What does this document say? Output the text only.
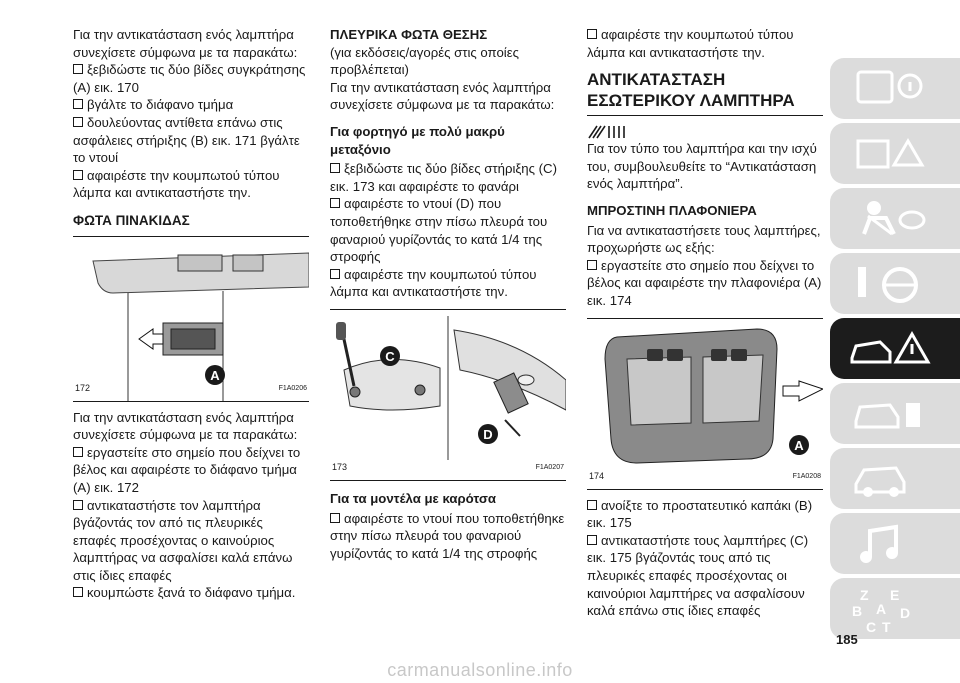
Για την αντικατάσταση ενός λαμπτήρα συνεχίσετε σύμφωνα με τα παρακάτω:

ξεβιδώστε τις δύο βίδες συγκράτησης (A) εικ. 170

βγάλτε το διάφανο τμήμα

δουλεύοντας αντίθετα επάνω στις ασφάλειες στήριξης (B) εικ. 171 βγάλτε το ντουί

αφαιρέστε την κουμπωτού τύπου λάμπα και αντικαταστήστε την.

ΦΩΤΑ ΠΙΝΑΚΙΔΑΣ
A
172	F1A0206

Για την αντικατάσταση ενός λαμπτήρα συνεχίσετε σύμφωνα με τα παρακάτω:

εργαστείτε στο σημείο που δείχνει το βέλος και αφαιρέστε το διάφανο τμήμα (A) εικ. 172

αντικαταστήστε τον λαμπτήρα βγάζοντάς τον από τις πλευρικές επαφές προσέχοντας ο καινούριος λαμπτήρας να ασφαλίσει καλά επάνω στις ίδιες επαφές

κουμπώστε ξανά το διάφανο τμήμα.

ΠΛΕΥΡΙΚΑ ΦΩΤΑ ΘΕΣΗΣ

(για εκδόσεις/αγορές στις οποίες προβλέπεται)

Για την αντικατάσταση ενός λαμπτήρα συνεχίσετε σύμφωνα με τα παρακάτω:

Για φορτηγό με πολύ μακρύ μεταξόνιο

ξεβιδώστε τις δύο βίδες στήριξης (C) εικ. 173 και αφαιρέστε το φανάρι

αφαιρέστε το ντουί (D) που τοποθετήθηκε στην πίσω πλευρά του φαναριού γυρίζοντάς το κατά 1/4 της στροφής

αφαιρέστε την κουμπωτού τύπου λάμπα και αντικαταστήστε την.

C
D
173	F1A0207

Για τα μοντέλα με καρότσα

αφαιρέστε το ντουί που τοποθετήθηκε στην πίσω πλευρά του φαναριού γυρίζοντάς το κατά 1/4 της στροφής

αφαιρέστε την κουμπωτού τύπου λάμπα και αντικαταστήστε την.

ΑΝΤΙΚΑΤΑΣΤΑΣΗ
ΕΣΩΤΕΡΙΚΟΥ ΛΑΜΠΤΗΡΑ

Για τον τύπο του λαμπτήρα και την ισχύ του, συμβουλευθείτε το “Αντικατάσταση ενός λαμπτήρα”.

ΜΠΡΟΣΤΙΝΗ ΠΛΑΦΟΝΙΕΡΑ

Για να αντικαταστήσετε τους λαμπτήρες, προχωρήστε ως εξής:

εργαστείτε στο σημείο που δείχνει το βέλος και αφαιρέστε την πλαφονιέρα (A) εικ. 174

A
174	F1A0208

ανοίξτε το προστατευτικό καπάκι (B) εικ. 175

αντικαταστήστε τους λαμπτήρες (C) εικ. 175 βγάζοντάς τους από τις πλευρικές επαφές προσέχοντας οι καινούριοι λαμπτήρες να ασφαλίσουν καλά επάνω στις ίδιες επαφές

Z E
A
B
C T
D
185
carmanualsonline.info
